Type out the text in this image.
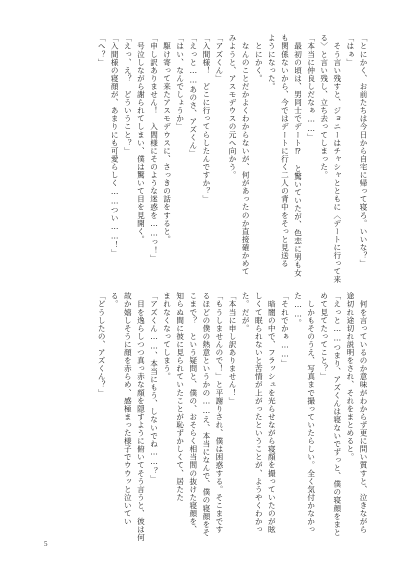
「とにかく、お前たちは今日から自宅に帰って寝ろ。いいな？」
「はぁ」
　そう言い残すと、ジョニーはチャシャとともに〈デートに行って来
る〉と言い残し、立ち去ってしまった。
「本当に仲良しだなぁ……」
　最初の頃は、男同士でデート⁉︎　と驚いていたが、色恋に男も女
も関係ないから、今ではデートに行く二人の背中をそっと見送る
ようになった。
　とにかく。
　なんのことだかよくわからないが、何があったのか直接確かめて
みようと、アスモデウスの元へ向かう。
「アズくん」
「入間様！　どこに行ってらしたんですか？」
「えっと……あのさ、アズくん」
「はい、なんでしょうか」
　駆け寄って来たアスモデウスに、さっきの話をすると。
「申し訳ありません！　入間様にそのような迷惑を……っ！」
　号泣しながら謝られてしまい、僕は驚いて目を見開く。
「えっ、え？　どういうこと？」
「入間様の寝顔が、あまりにも可愛らしく……つい……！」
「へ？」
　何を言っているのか意味がわからず更に問い質すと、泣きながら
途切れ途切れ説明をされ、それをまとめると。
「えっと……つまり、アズくんは寝ないでずっと、僕の寝顔をまと
めて見てたってこと？」
　しかもそのうえ、写真まで撮っていたらしい。全く気付かなかっ
た……。
「それでかぁ……」
　暗闇の中で、フラッシュを光らせながら寝顔を撮っていたのが眩
しくて眠られないと苦情が上がったということが、ようやくわかっ
た。だが。
「本当に申し訳ありません！」
「もうしませんので！」と平謝りされ、僕は困惑する。そこまです
るほどの僕の熱意というかの……え、本当になんで、僕の寝顔をそ
こまで？　という疑問と、僕の、おそらく相当間の抜けた寝顔を、
知らぬ間に彼に見られていたことが恥ずかしくて、居たた
まれなくなってしまう。
「アズくん……、本当にもう、しないでね……？」
　目を逸らしつつ真っ赤な顔を隠すように俯いてそう言うと、彼は何
故か嬉しそうに顔を赤らめ、感極まった様子でウウッと泣いてい
る。
「どうしたの、アズくん？」
5
